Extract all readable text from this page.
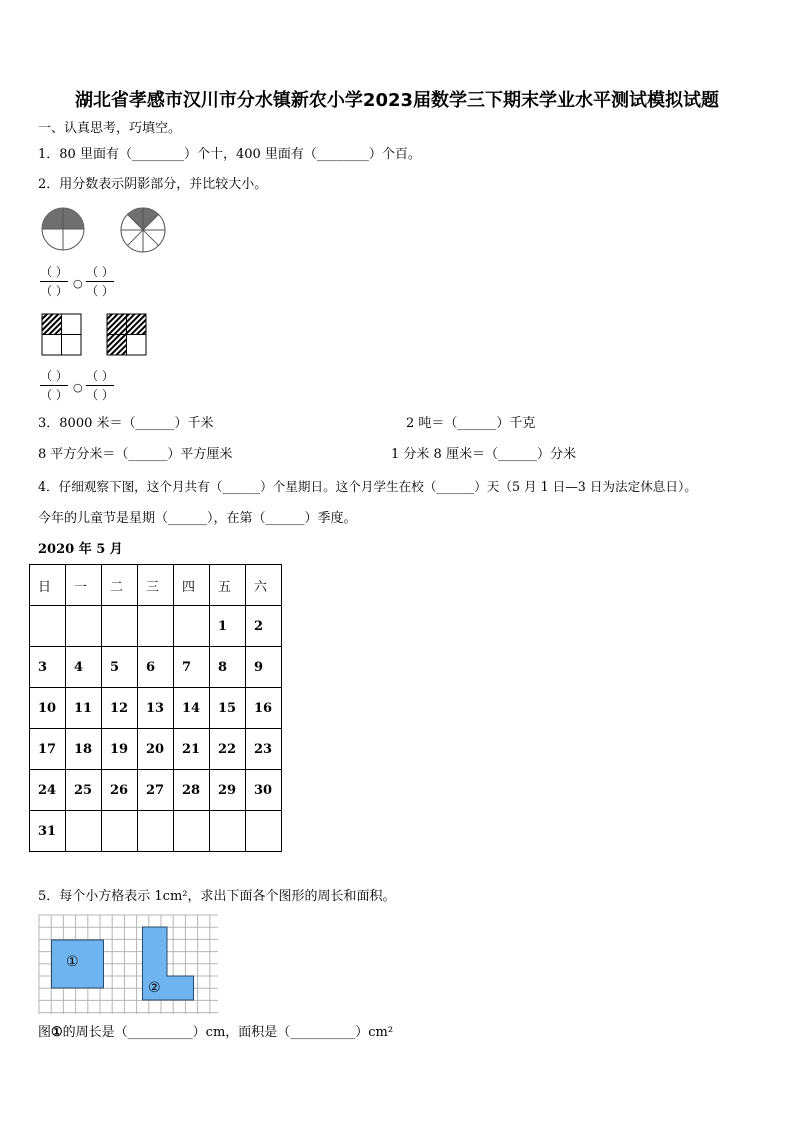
湖北省孝感市汉川市分水镇新农小学2023届数学三下期末学业水平测试模拟试题
一、认真思考，巧填空。
1．80 里面有（________）个十，400 里面有（________）个百。
2．用分数表示阴影部分，并比较大小。
（ ）
（ ）
○
（ ）
（ ）
（ ）
（ ）
○
（ ）
（ ）
3．8000 米＝（______）千米	2 吨＝（______）千克
8 平方分米＝（______）平方厘米	1 分米 8 厘米＝（______）分米
4．仔细观察下图，这个月共有（______）个星期日。这个月学生在校（______）天（5 月 1 日—3 日为法定休息日）。
今年的儿童节是星期（______），在第（______）季度。
2020 年 5 月
日	一	二	三	四	五	六
					1	2
3	4	5	6	7	8	9
10	11	12	13	14	15	16
17	18	19	20	21	22	23
24	25	26	27	28	29	30
31						
5．每个小方格表示 1cm²，求出下面各个图形的周长和面积。
①
②
图①的周长是（__________）cm，面积是（__________）cm²
